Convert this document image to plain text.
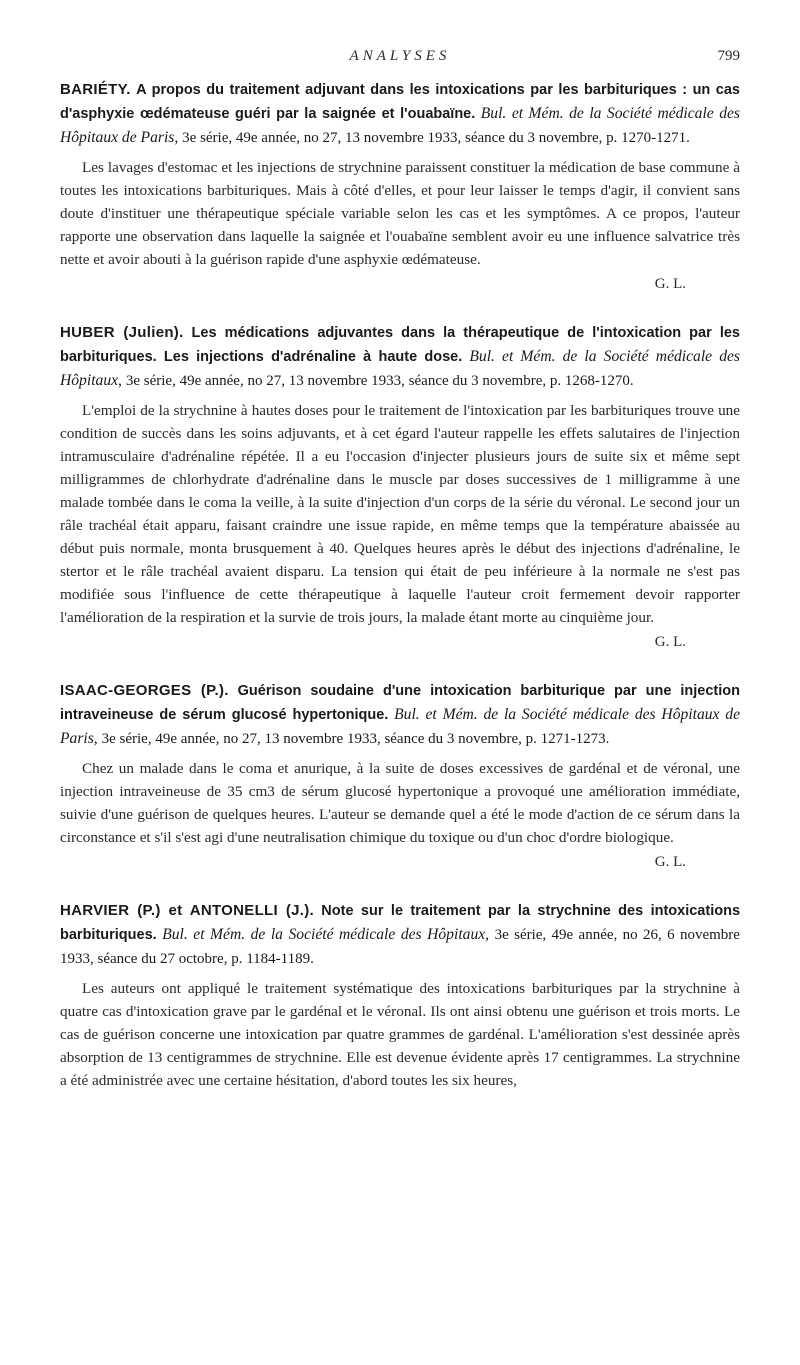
ANALYSES	799

BARIÉTY. A propos du traitement adjuvant dans les intoxications par les barbituriques : un cas d'asphyxie œdémateuse guéri par la saignée et l'ouabaïne. Bul. et Mém. de la Société médicale des Hôpitaux de Paris, 3e série, 49e année, no 27, 13 novembre 1933, séance du 3 novembre, p. 1270-1271.

Les lavages d'estomac et les injections de strychnine paraissent constituer la médication de base commune à toutes les intoxications barbituriques. Mais à côté d'elles, et pour leur laisser le temps d'agir, il convient sans doute d'instituer une thérapeutique spéciale variable selon les cas et les symptômes. A ce propos, l'auteur rapporte une observation dans laquelle la saignée et l'ouabaïne semblent avoir eu une influence salvatrice très nette et avoir abouti à la guérison rapide d'une asphyxie œdémateuse.

G. L.

HUBER (Julien). Les médications adjuvantes dans la thérapeutique de l'intoxication par les barbituriques. Les injections d'adrénaline à haute dose. Bul. et Mém. de la Société médicale des Hôpitaux, 3e série, 49e année, no 27, 13 novembre 1933, séance du 3 novembre, p. 1268-1270.

L'emploi de la strychnine à hautes doses pour le traitement de l'intoxication par les barbituriques trouve une condition de succès dans les soins adjuvants, et à cet égard l'auteur rappelle les effets salutaires de l'injection intramusculaire d'adrénaline répétée. Il a eu l'occasion d'injecter plusieurs jours de suite six et même sept milligrammes de chlorhydrate d'adrénaline dans le muscle par doses successives de 1 milligramme à une malade tombée dans le coma la veille, à la suite d'injection d'un corps de la série du véronal. Le second jour un râle trachéal était apparu, faisant craindre une issue rapide, en même temps que la température abaissée au début puis normale, monta brusquement à 40. Quelques heures après le début des injections d'adrénaline, le stertor et le râle trachéal avaient disparu. La tension qui était de peu inférieure à la normale ne s'est pas modifiée sous l'influence de cette thérapeutique à laquelle l'auteur croit fermement devoir rapporter l'amélioration de la respiration et la survie de trois jours, la malade étant morte au cinquième jour.

G. L.

ISAAC-GEORGES (P.). Guérison soudaine d'une intoxication barbiturique par une injection intraveineuse de sérum glucosé hypertonique. Bul. et Mém. de la Société médicale des Hôpitaux de Paris, 3e série, 49e année, no 27, 13 novembre 1933, séance du 3 novembre, p. 1271-1273.

Chez un malade dans le coma et anurique, à la suite de doses excessives de gardénal et de véronal, une injection intraveineuse de 35 cm3 de sérum glucosé hypertonique a provoqué une amélioration immédiate, suivie d'une guérison de quelques heures. L'auteur se demande quel a été le mode d'action de ce sérum dans la circonstance et s'il s'est agi d'une neutralisation chimique du toxique ou d'un choc d'ordre biologique.

G. L.

HARVIER (P.) et ANTONELLI (J.). Note sur le traitement par la strychnine des intoxications barbituriques. Bul. et Mém. de la Société médicale des Hôpitaux, 3e série, 49e année, no 26, 6 novembre 1933, séance du 27 octobre, p. 1184-1189.

Les auteurs ont appliqué le traitement systématique des intoxications barbituriques par la strychnine à quatre cas d'intoxication grave par le gardénal et le véronal. Ils ont ainsi obtenu une guérison et trois morts. Le cas de guérison concerne une intoxication par quatre grammes de gardénal. L'amélioration s'est dessinée après absorption de 13 centigrammes de strychnine. Elle est devenue évidente après 17 centigrammes. La strychnine a été administrée avec une certaine hésitation, d'abord toutes les six heures,
